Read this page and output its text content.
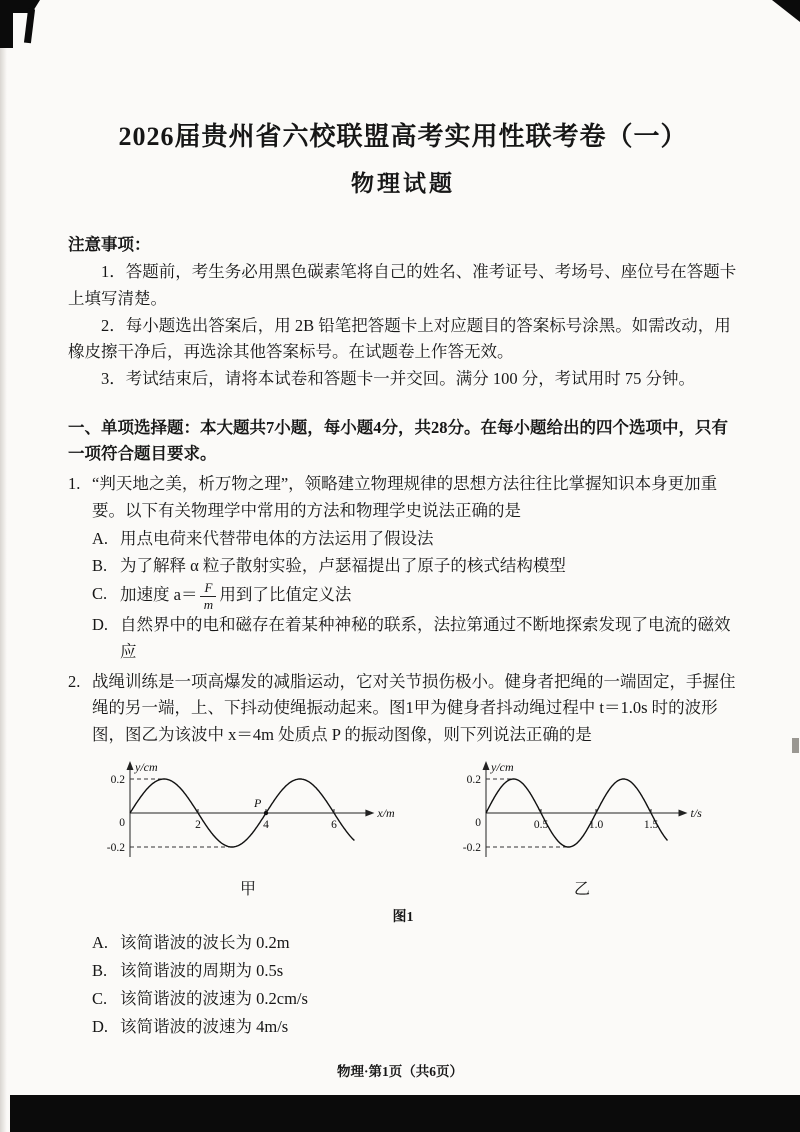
2026届贵州省六校联盟高考实用性联考卷（一）
物理试题
注意事项：
1．答题前，考生务必用黑色碳素笔将自己的姓名、准考证号、考场号、座位号在答题卡上填写清楚。
2．每小题选出答案后，用 2B 铅笔把答题卡上对应题目的答案标号涂黑。如需改动，用橡皮擦干净后，再选涂其他答案标号。在试题卷上作答无效。
3．考试结束后，请将本试卷和答题卡一并交回。满分 100 分，考试用时 75 分钟。
一、单项选择题：本大题共7小题，每小题4分，共28分。在每小题给出的四个选项中，只有一项符合题目要求。
1. “判天地之美，析万物之理”，领略建立物理规律的思想方法往往比掌握知识本身更加重要。以下有关物理学中常用的方法和物理学史说法正确的是
A. 用点电荷来代替带电体的方法运用了假设法
B. 为了解释 α 粒子散射实验，卢瑟福提出了原子的核式结构模型
C. 加速度 $a= \frac{F}{m}$ 用到了比值定义法
D. 自然界中的电和磁存在着某种神秘的联系，法拉第通过不断地探索发现了电流的磁效应
2. 战绳训练是一项高爆发的减脂运动，它对关节损伤极小。健身者把绳的一端固定，手握住绳的另一端，上、下抖动使绳振动起来。图1甲为健身者抖动绳过程中 t＝1.0s 时的波形图，图乙为该波中 x＝4m 处质点 P 的振动图像，则下列说法正确的是
2	4	6
0.2
0
-0.2
y/cm
x/m
P
甲
0.5	1.0	1.5
0.2
0
-0.2
y/cm
t/s
乙
图1
A. 该简谐波的波长为 0.2m
B. 该简谐波的周期为 0.5s
C. 该简谐波的波速为 0.2cm/s
D. 该简谐波的波速为 4m/s
物理·第1页（共6页）
